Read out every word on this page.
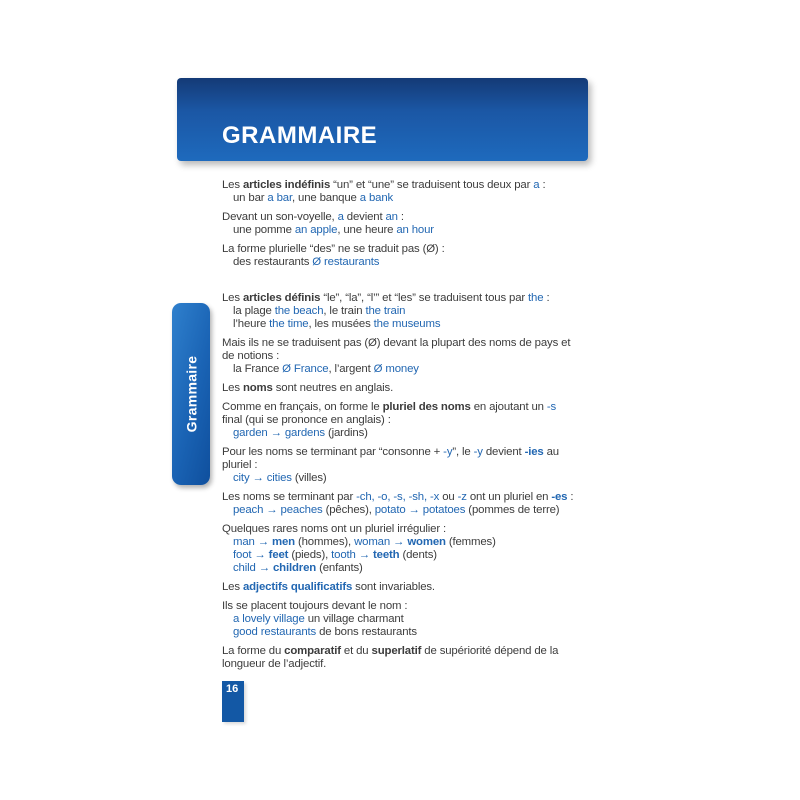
GRAMMAIRE
Grammaire
Les articles indéfinis “un” et “une” se traduisent tous deux par a :
un bar a bar, une banque a bank
Devant un son-voyelle, a devient an :
une pomme an apple, une heure an hour
La forme plurielle “des” ne se traduit pas (Ø) :
des restaurants Ø restaurants
Les articles définis “le”, “la”, “l’” et “les” se traduisent tous par the :
la plage the beach, le train the train
l’heure the time, les musées the museums
Mais ils ne se traduisent pas (Ø) devant la plupart des noms de pays et
de notions :
la France Ø France, l’argent Ø money
Les noms sont neutres en anglais.
Comme en français, on forme le pluriel des noms en ajoutant un -s
final (qui se prononce en anglais) :
garden → gardens (jardins)
Pour les noms se terminant par “consonne + -y”, le -y devient -ies au
pluriel :
city → cities (villes)
Les noms se terminant par -ch, -o, -s, -sh, -x ou -z ont un pluriel en -es :
peach → peaches (pêches), potato → potatoes (pommes de terre)
Quelques rares noms ont un pluriel irrégulier :
man → men (hommes), woman → women (femmes)
foot → feet (pieds), tooth → teeth (dents)
child → children (enfants)
Les adjectifs qualificatifs sont invariables.
Ils se placent toujours devant le nom :
a lovely village un village charmant
good restaurants de bons restaurants
La forme du comparatif et du superlatif de supériorité dépend de la
longueur de l’adjectif.
16
